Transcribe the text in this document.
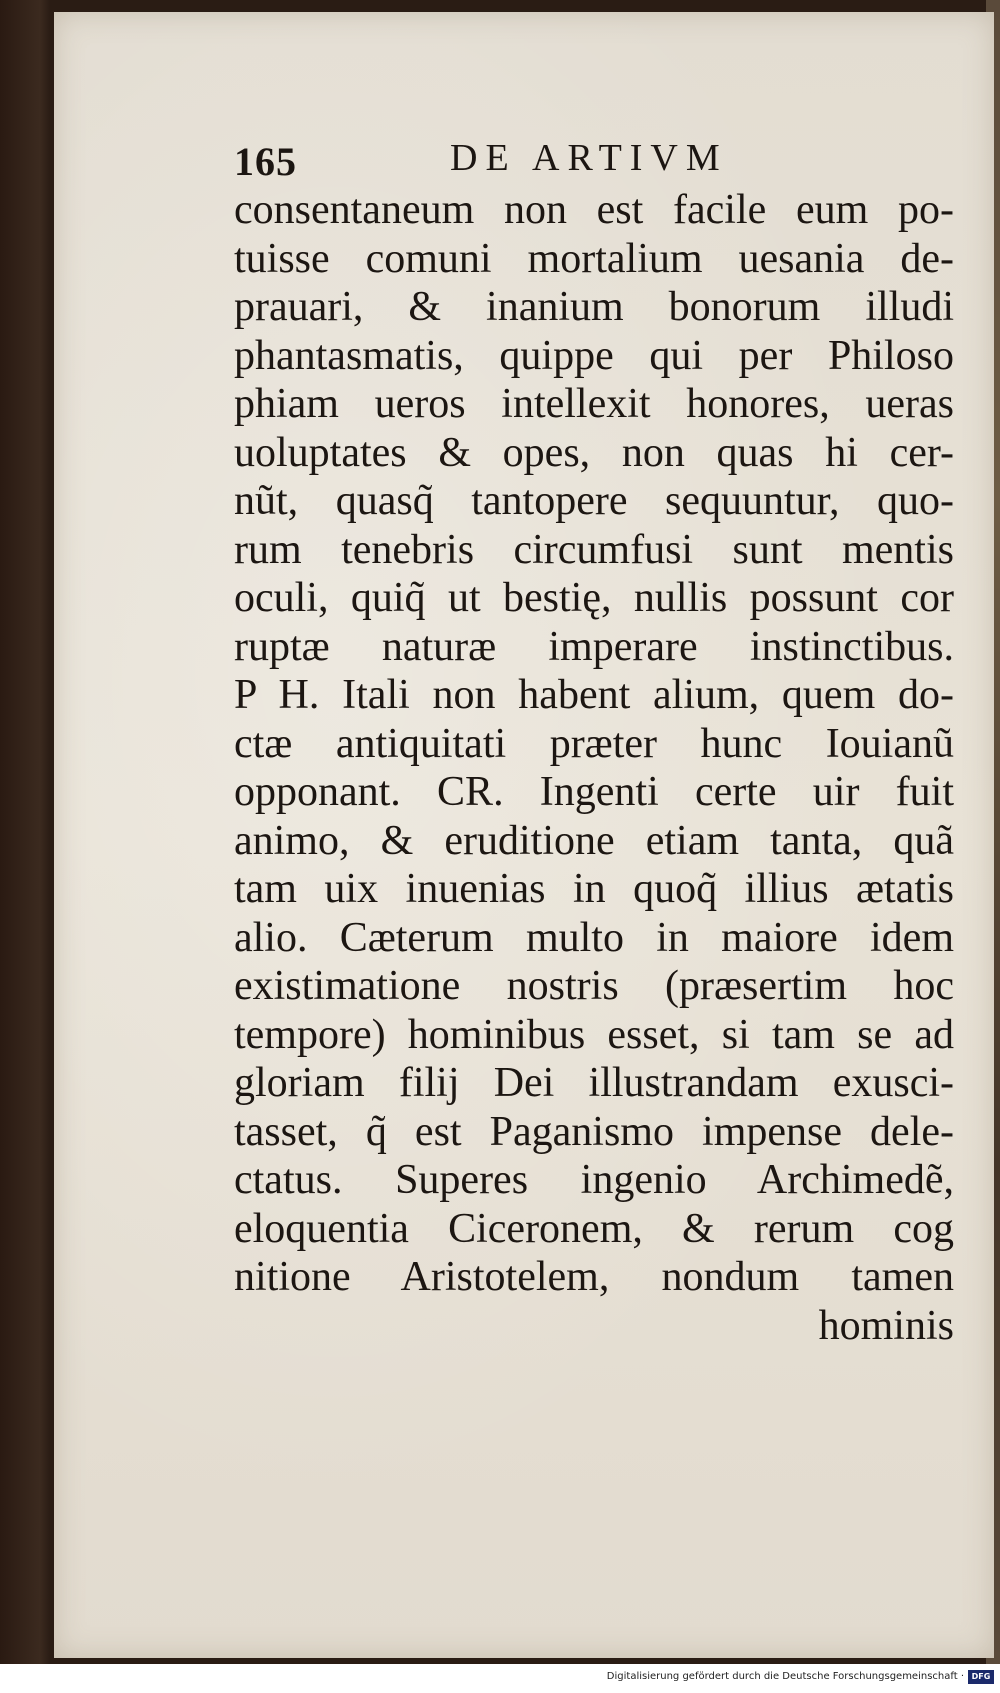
165	DE ARTIVM
consentaneum non est facile eum po-
tuisse comuni mortalium uesania de-
prauari, & inanium bonorum illudi
phantasmatis, quippe qui per Philoso
phiam ueros intellexit honores, ueras
uoluptates & opes, non quas hi cer-
nũt, quasq̃ tantopere sequuntur, quo-
rum tenebris circumfusi sunt mentis
oculi, quiq̃ ut bestię, nullis possunt cor
ruptæ naturæ imperare instinctibus.
P H. Itali non habent alium, quem do-
ctæ antiquitati præter hunc Iouianũ
opponant. CR. Ingenti certe uir fuit
animo, & eruditione etiam tanta, quã
tam uix inuenias in quoq̃ illius ætatis
alio. Cæterum multo in maiore idem
existimatione nostris (præsertim hoc
tempore) hominibus esset, si tam se ad
gloriam filij Dei illustrandam exusci-
tasset, q̃ est Paganismo impense dele-
ctatus. Superes ingenio Archimedẽ,
eloquentia Ciceronem, & rerum cog
nitione Aristotelem, nondum tamen
hominis
Digitalisierung gefördert durch die Deutsche Forschungsgemeinschaft · DFG
